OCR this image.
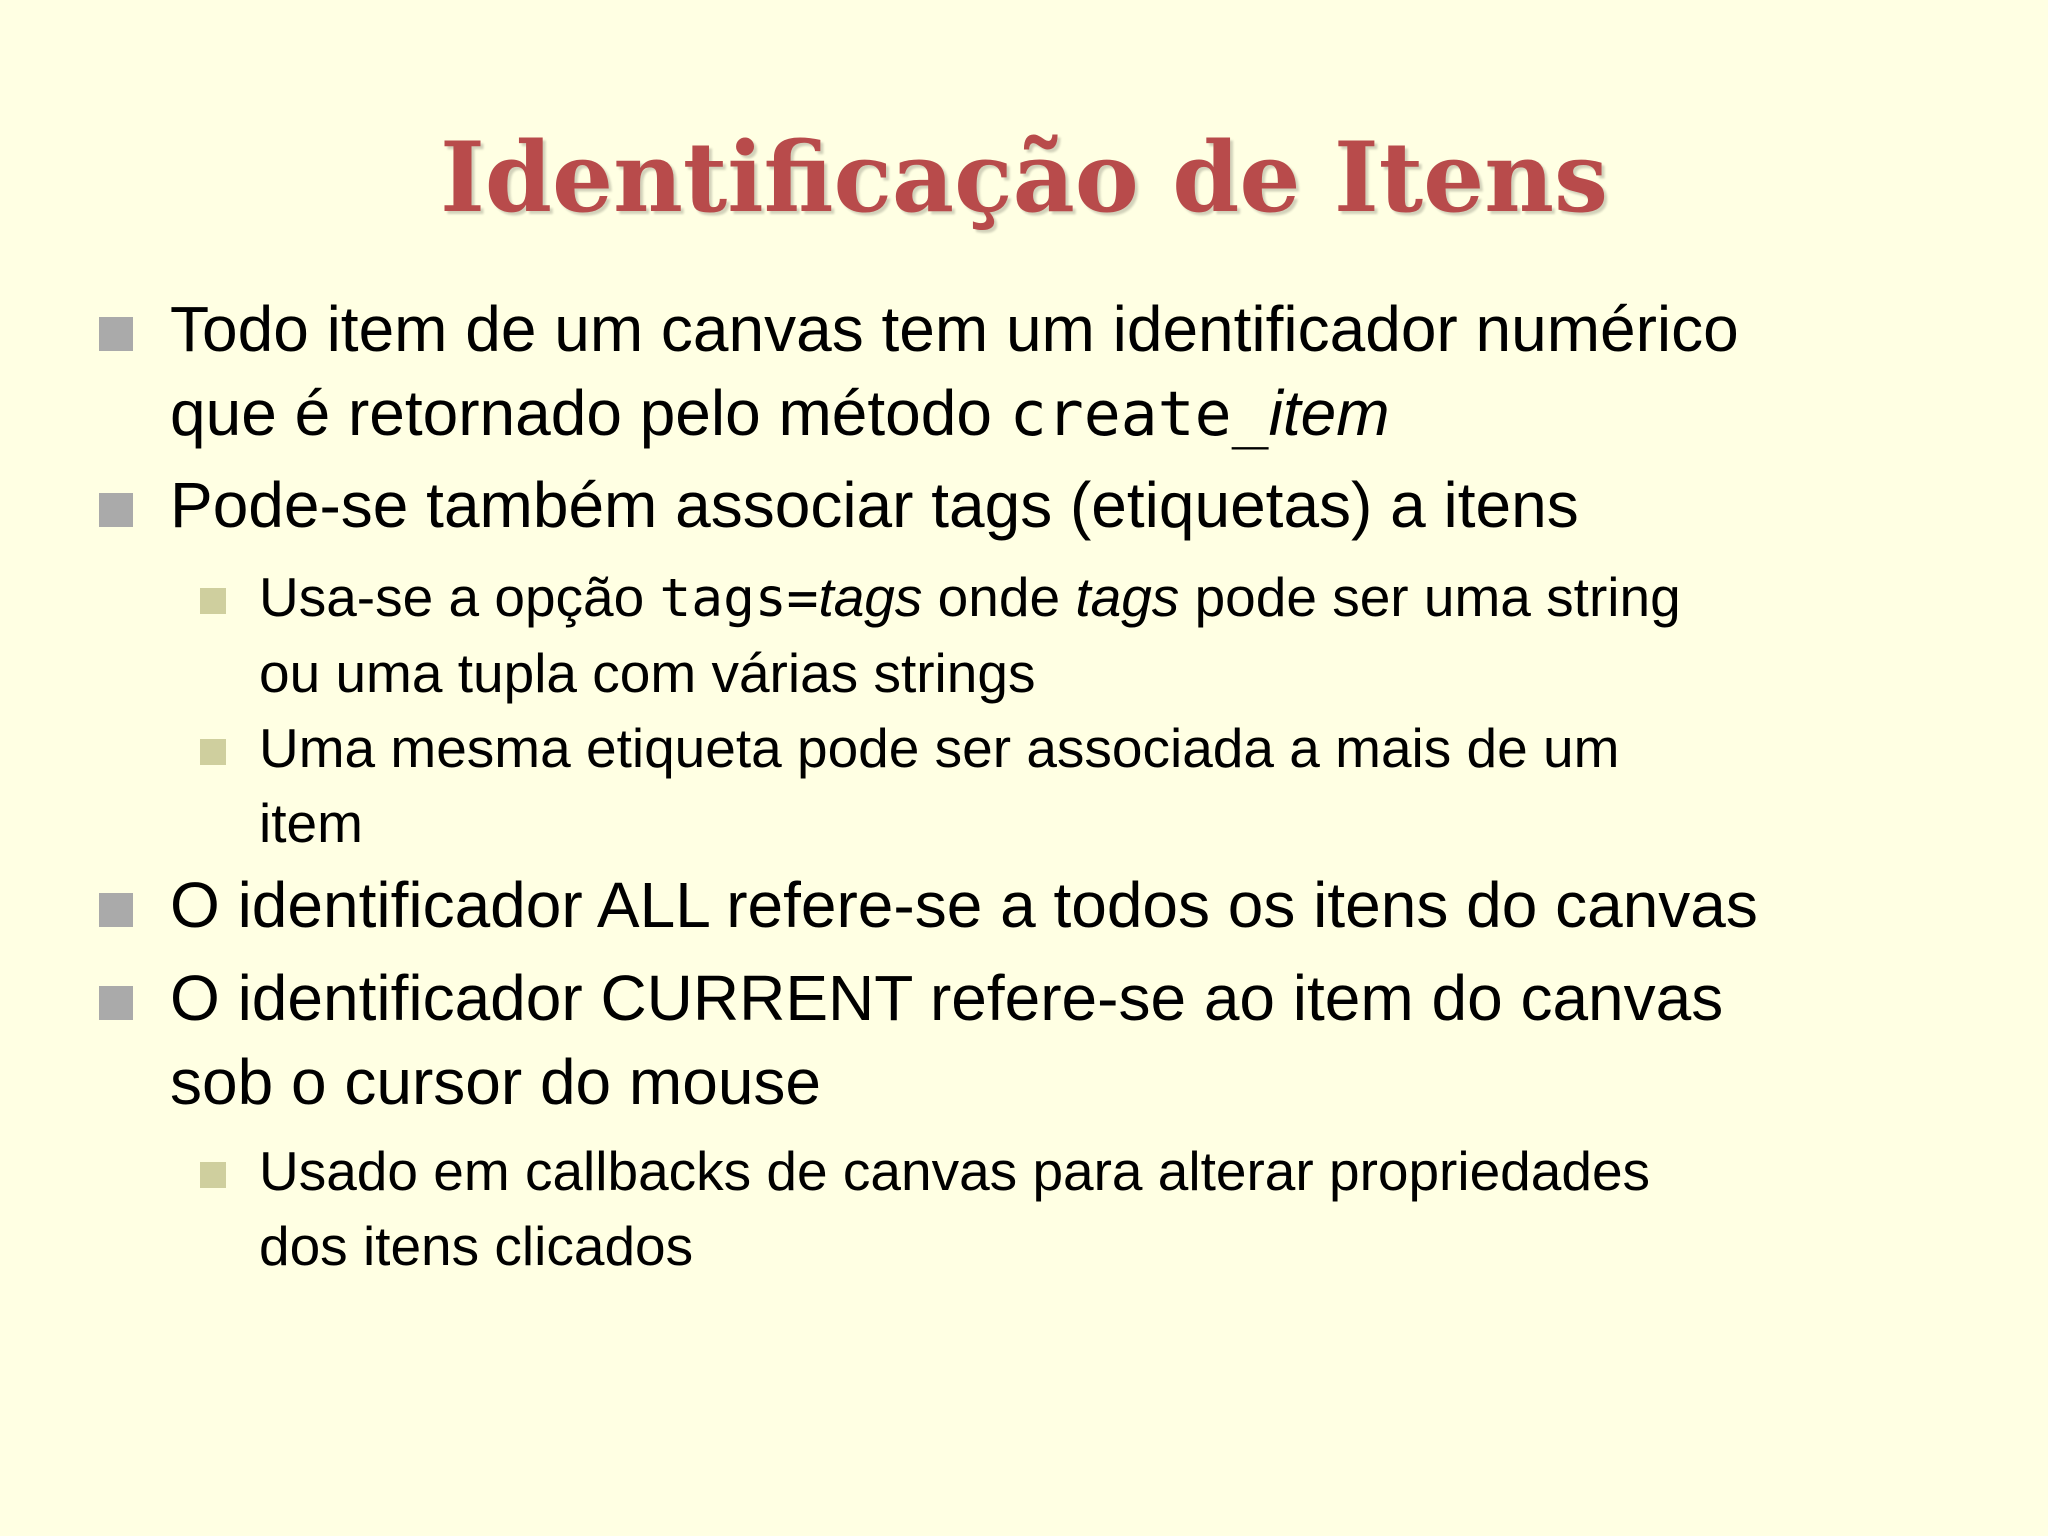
Identificação de Itens
Todo item de um canvas tem um identificador numérico
que é retornado pelo método create_item
Pode-se também associar tags (etiquetas) a itens
Usa-se a opção tags=tags onde tags pode ser uma string
ou uma tupla com várias strings
Uma mesma etiqueta pode ser associada a mais de um
item
O identificador ALL refere-se a todos os itens do canvas
O identificador CURRENT refere-se ao item do canvas
sob o cursor do mouse
Usado em callbacks de canvas para alterar propriedades
dos itens clicados
